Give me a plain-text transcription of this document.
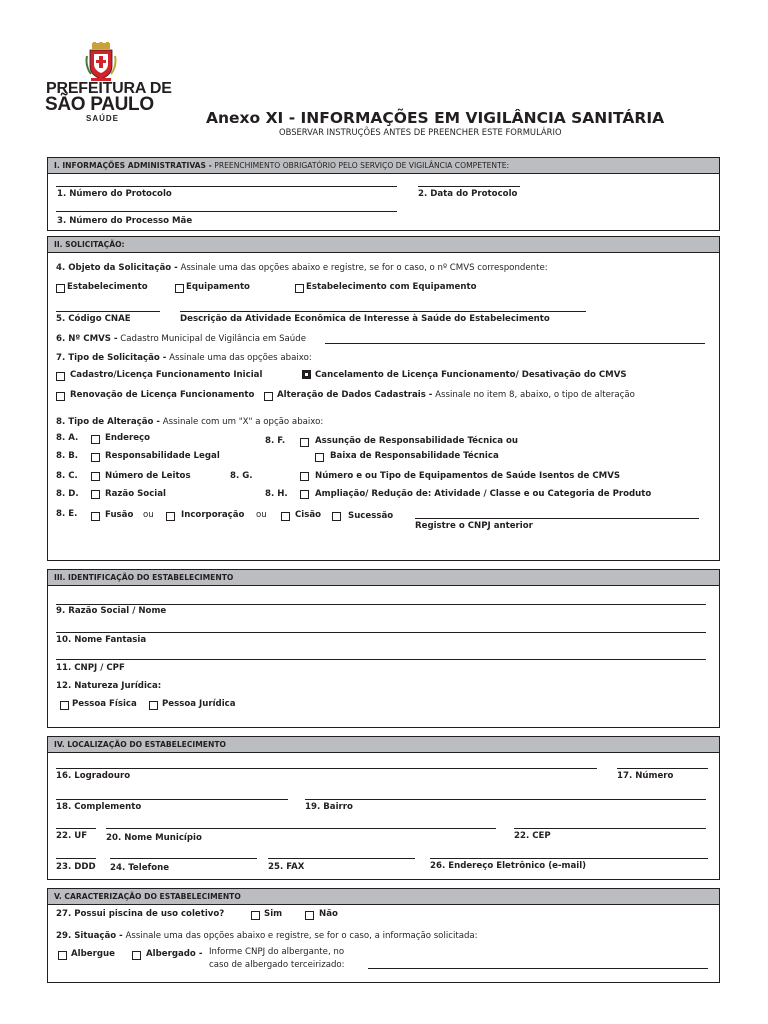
PREFEITURA DE
SÃO PAULO
SAÚDE	Anexo XI - INFORMAÇÕES EM VIGILÂNCIA SANITÁRIA
OBSERVAR INSTRUÇÕES ANTES DE PREENCHER ESTE FORMULÁRIO
I. INFORMAÇÕES ADMINISTRATIVAS - PREENCHIMENTO OBRIGATÓRIO PELO SERVIÇO DE VIGILÂNCIA COMPETENTE:
1. Número do Protocolo	2. Data do Protocolo
3. Número do Processo Mãe
II. SOLICITAÇÃO:
4. Objeto da Solicitação - Assinale uma das opções abaixo e registre, se for o caso, o nº CMVS correspondente:
Estabelecimento	Equipamento	Estabelecimento com Equipamento
5. Código CNAE	Descrição da Atividade Econômica de Interesse à Saúde do Estabelecimento
6. Nº CMVS - Cadastro Municipal de Vigilância em Saúde
7. Tipo de Solicitação - Assinale uma das opções abaixo:
Cadastro/Licença Funcionamento Inicial	Cancelamento de Licença Funcionamento/ Desativação do CMVS
Renovação de Licença Funcionamento	Alteração de Dados Cadastrais - Assinale no item 8, abaixo, o tipo de alteração
8. Tipo de Alteração - Assinale com um "X" a opção abaixo:
8. A.	Endereço	8. F.	Assunção de Responsabilidade Técnica ou
Baixa de Responsabilidade Técnica
8. B.	Responsabilidade Legal
8. C.	Número de Leitos	8. G.	Número e ou Tipo de Equipamentos de Saúde Isentos de CMVS
8. D.	Razão Social	8. H.	Ampliação/ Redução de: Atividade / Classe e ou Categoria de Produto
8. E.	Fusão ou	Incorporação ou	Cisão	Sucessão
Registre o CNPJ anterior
III. IDENTIFICAÇÃO DO ESTABELECIMENTO
9. Razão Social / Nome
10. Nome Fantasia
11. CNPJ / CPF
12. Natureza Jurídica:
Pessoa Física	Pessoa Jurídica
IV. LOCALIZAÇÃO DO ESTABELECIMENTO
16. Logradouro	17. Número
18. Complemento	19. Bairro
22. UF 20. Nome Município	22. CEP
23. DDD 24. Telefone	25. FAX	26. Endereço Eletrônico (e-mail)
V. CARACTERIZAÇÃO DO ESTABELECIMENTO
27. Possui piscina de uso coletivo?	Sim	Não
29. Situação - Assinale uma das opções abaixo e registre, se for o caso, a informação solicitada:
Albergue	Albergado - Informe CNPJ do albergante, no
caso de albergado terceirizado:
